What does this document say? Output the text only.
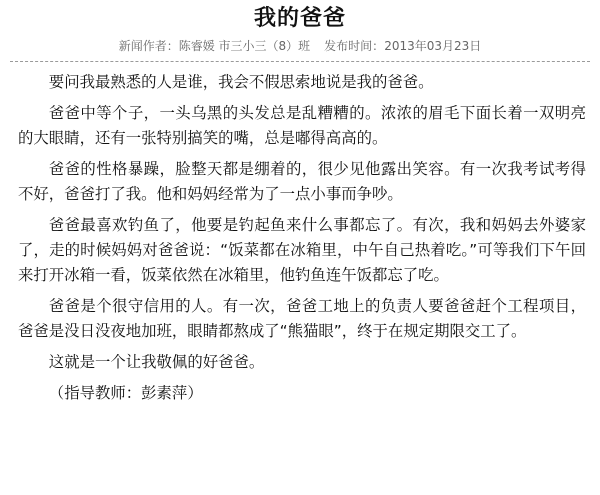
我的爸爸
新闻作者：陈睿媛 市三小三（8）班 发布时间：2013年03月23日

要问我最熟悉的人是谁，我会不假思索地说是我的爸爸。

爸爸中等个子，一头乌黑的头发总是乱糟糟的。浓浓的眉毛下面长着一双明亮的大眼睛，还有一张特别搞笑的嘴，总是嘟得高高的。

爸爸的性格暴躁，脸整天都是绷着的，很少见他露出笑容。有一次我考试考得不好，爸爸打了我。他和妈妈经常为了一点小事而争吵。

爸爸最喜欢钓鱼了，他要是钓起鱼来什么事都忘了。有次，我和妈妈去外婆家了，走的时候妈妈对爸爸说：“饭菜都在冰箱里，中午自己热着吃。”可等我们下午回来打开冰箱一看，饭菜依然在冰箱里，他钓鱼连午饭都忘了吃。

爸爸是个很守信用的人。有一次，爸爸工地上的负责人要爸爸赶个工程项目，爸爸是没日没夜地加班，眼睛都熬成了“熊猫眼”，终于在规定期限交工了。

这就是一个让我敬佩的好爸爸。

（指导教师：彭素萍）
